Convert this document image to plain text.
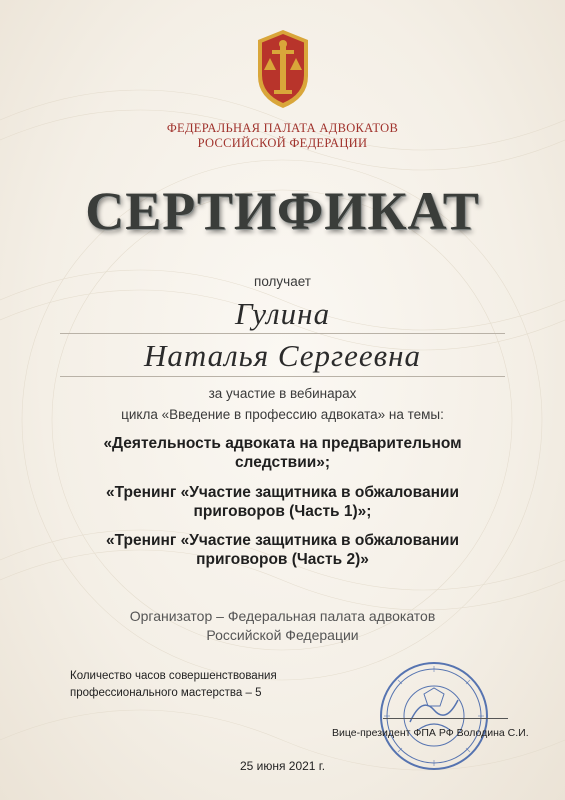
ФЕДЕРАЛЬНАЯ ПАЛАТА АДВОКАТОВ
РОССИЙСКОЙ ФЕДЕРАЦИИ
СЕРТИФИКАТ
получает
Гулина
Наталья Сергеевна
за участие в вебинарах
цикла «Введение в профессию адвоката» на темы:
«Деятельность адвоката на предварительном
следствии»;
«Тренинг «Участие защитника в обжаловании
приговоров (Часть 1)»;
«Тренинг «Участие защитника в обжаловании
приговоров (Часть 2)»
Организатор – Федеральная палата адвокатов
Российской Федерации
Количество часов совершенствования
профессионального мастерства – 5
Вице-президент ФПА РФ Володина С.И.
25 июня 2021 г.
